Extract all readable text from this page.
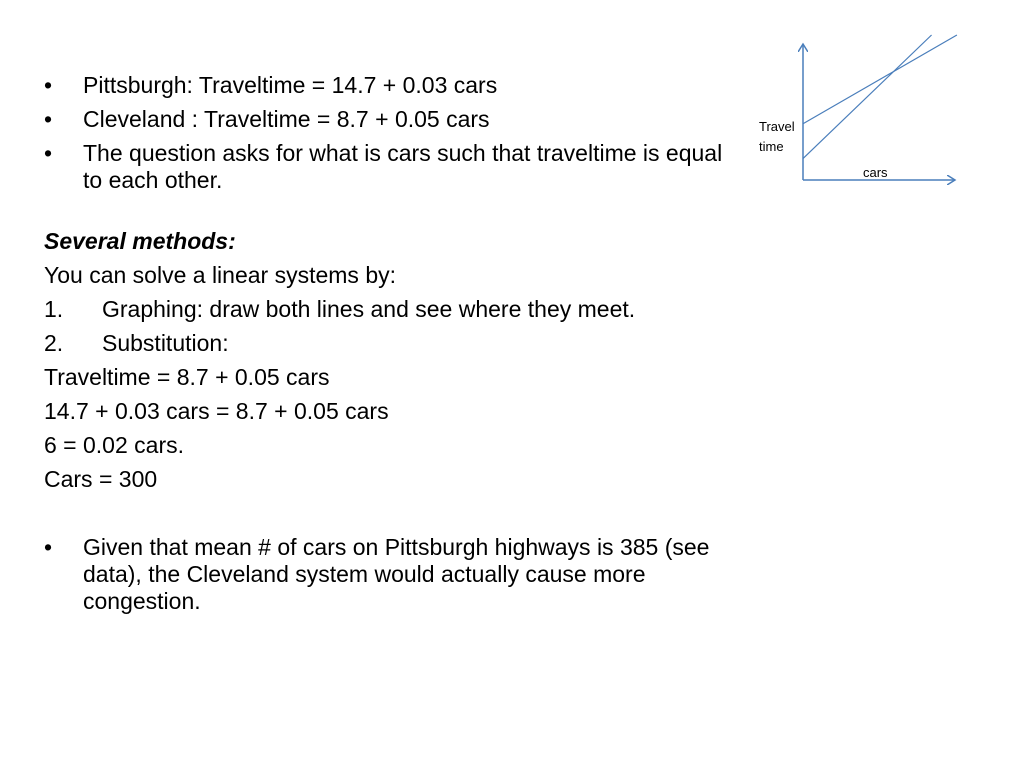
•	Pittsburgh: Traveltime = 14.7 + 0.03 cars
•	Cleveland : Traveltime = 8.7 + 0.05 cars
•	The question asks for what is cars such that traveltime is equal to each other.
Several methods:
You can solve a linear systems by:
1. Graphing: draw both lines and see where they meet.
2. Substitution:
Traveltime = 8.7 + 0.05 cars
14.7 + 0.03 cars = 8.7 + 0.05 cars
6 = 0.02 cars.
Cars = 300
•	Given that mean # of cars on Pittsburgh highways is 385 (see data), the Cleveland system would actually cause more congestion.
Travel time
cars
